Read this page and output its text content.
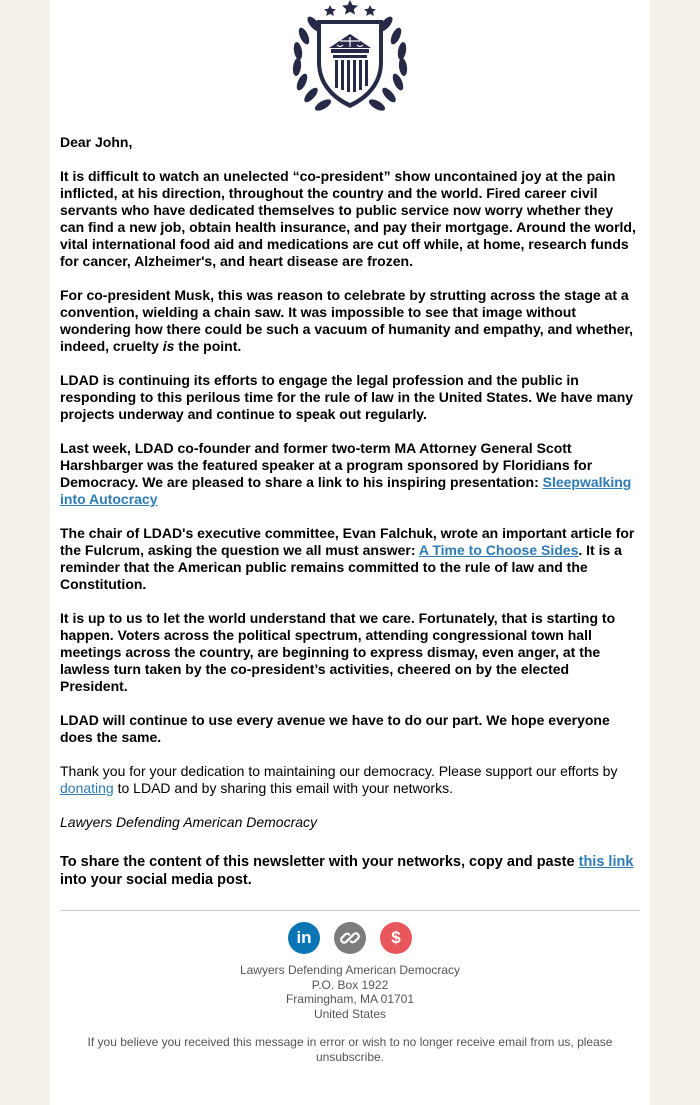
Dear John,

It is difficult to watch an unelected “co-president” show uncontained joy at the pain inflicted, at his direction, throughout the country and the world. Fired career civil servants who have dedicated themselves to public service now worry whether they can find a new job, obtain health insurance, and pay their mortgage. Around the world, vital international food aid and medications are cut off while, at home, research funds for cancer, Alzheimer's, and heart disease are frozen.

For co-president Musk, this was reason to celebrate by strutting across the stage at a convention, wielding a chain saw. It was impossible to see that image without wondering how there could be such a vacuum of humanity and empathy, and whether, indeed, cruelty is the point.

LDAD is continuing its efforts to engage the legal profession and the public in responding to this perilous time for the rule of law in the United States. We have many projects underway and continue to speak out regularly.

Last week, LDAD co-founder and former two-term MA Attorney General Scott Harshbarger was the featured speaker at a program sponsored by Floridians for Democracy. We are pleased to share a link to his inspiring presentation: Sleepwalking into Autocracy

The chair of LDAD's executive committee, Evan Falchuk, wrote an important article for the Fulcrum, asking the question we all must answer: A Time to Choose Sides. It is a reminder that the American public remains committed to the rule of law and the Constitution.

It is up to us to let the world understand that we care. Fortunately, that is starting to happen. Voters across the political spectrum, attending congressional town hall meetings across the country, are beginning to express dismay, even anger, at the lawless turn taken by the co-president’s activities, cheered on by the elected President.

LDAD will continue to use every avenue we have to do our part. We hope everyone does the same.

Thank you for your dedication to maintaining our democracy. Please support our efforts by donating to LDAD and by sharing this email with your networks.

Lawyers Defending American Democracy

To share the content of this newsletter with your networks, copy and paste this link into your social media post.
in

	$
Lawyers Defending American Democracy
P.O. Box 1922
Framingham, MA 01701
United States
If you believe you received this message in error or wish to no longer receive email from us, please unsubscribe.
